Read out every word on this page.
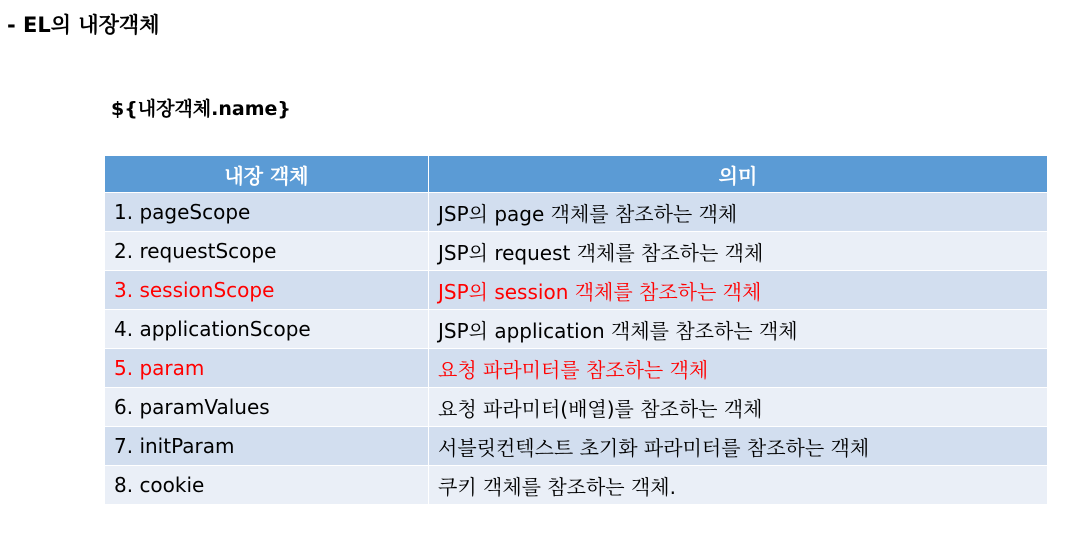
- EL의 내장객체
${내장객체.name}
내장 객체	의미
1. pageScope	JSP의 page 객체를 참조하는 객체
2. requestScope	JSP의 request 객체를 참조하는 객체
3. sessionScope	JSP의 session 객체를 참조하는 객체
4. applicationScope	JSP의 application 객체를 참조하는 객체
5. param	요청 파라미터를 참조하는 객체
6. paramValues	요청 파라미터(배열)를 참조하는 객체
7. initParam	서블릿컨텍스트 초기화 파라미터를 참조하는 객체
8. cookie	쿠키 객체를 참조하는 객체.
